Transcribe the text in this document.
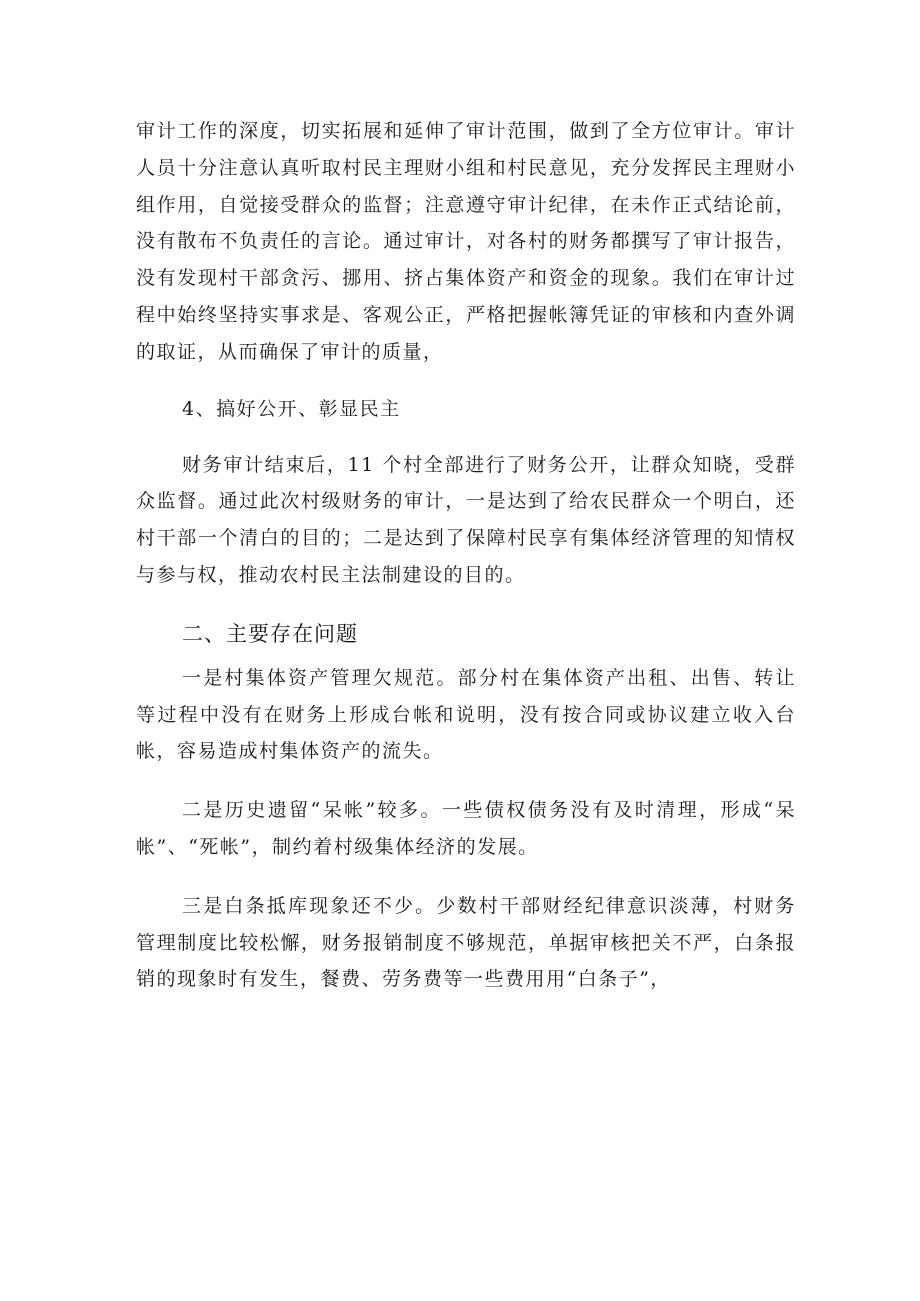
审计工作的深度，切实拓展和延伸了审计范围，做到了全方位审计。审计人员十分注意认真听取村民主理财小组和村民意见，充分发挥民主理财小组作用，自觉接受群众的监督；注意遵守审计纪律，在未作正式结论前，没有散布不负责任的言论。通过审计，对各村的财务都撰写了审计报告，没有发现村干部贪污、挪用、挤占集体资产和资金的现象。我们在审计过程中始终坚持实事求是、客观公正，严格把握帐簿凭证的审核和内查外调的取证，从而确保了审计的质量，

4、搞好公开、彰显民主

财务审计结束后，11 个村全部进行了财务公开，让群众知晓，受群众监督。通过此次村级财务的审计，一是达到了给农民群众一个明白，还村干部一个清白的目的；二是达到了保障村民享有集体经济管理的知情权与参与权，推动农村民主法制建设的目的。

二、主要存在问题

一是村集体资产管理欠规范。部分村在集体资产出租、出售、转让等过程中没有在财务上形成台帐和说明，没有按合同或协议建立收入台帐，容易造成村集体资产的流失。

二是历史遗留“呆帐”较多。一些债权债务没有及时清理，形成“呆帐”、“死帐”，制约着村级集体经济的发展。

三是白条抵库现象还不少。少数村干部财经纪律意识淡薄，村财务管理制度比较松懈，财务报销制度不够规范，单据审核把关不严，白条报销的现象时有发生，餐费、劳务费等一些费用用“白条子”，
